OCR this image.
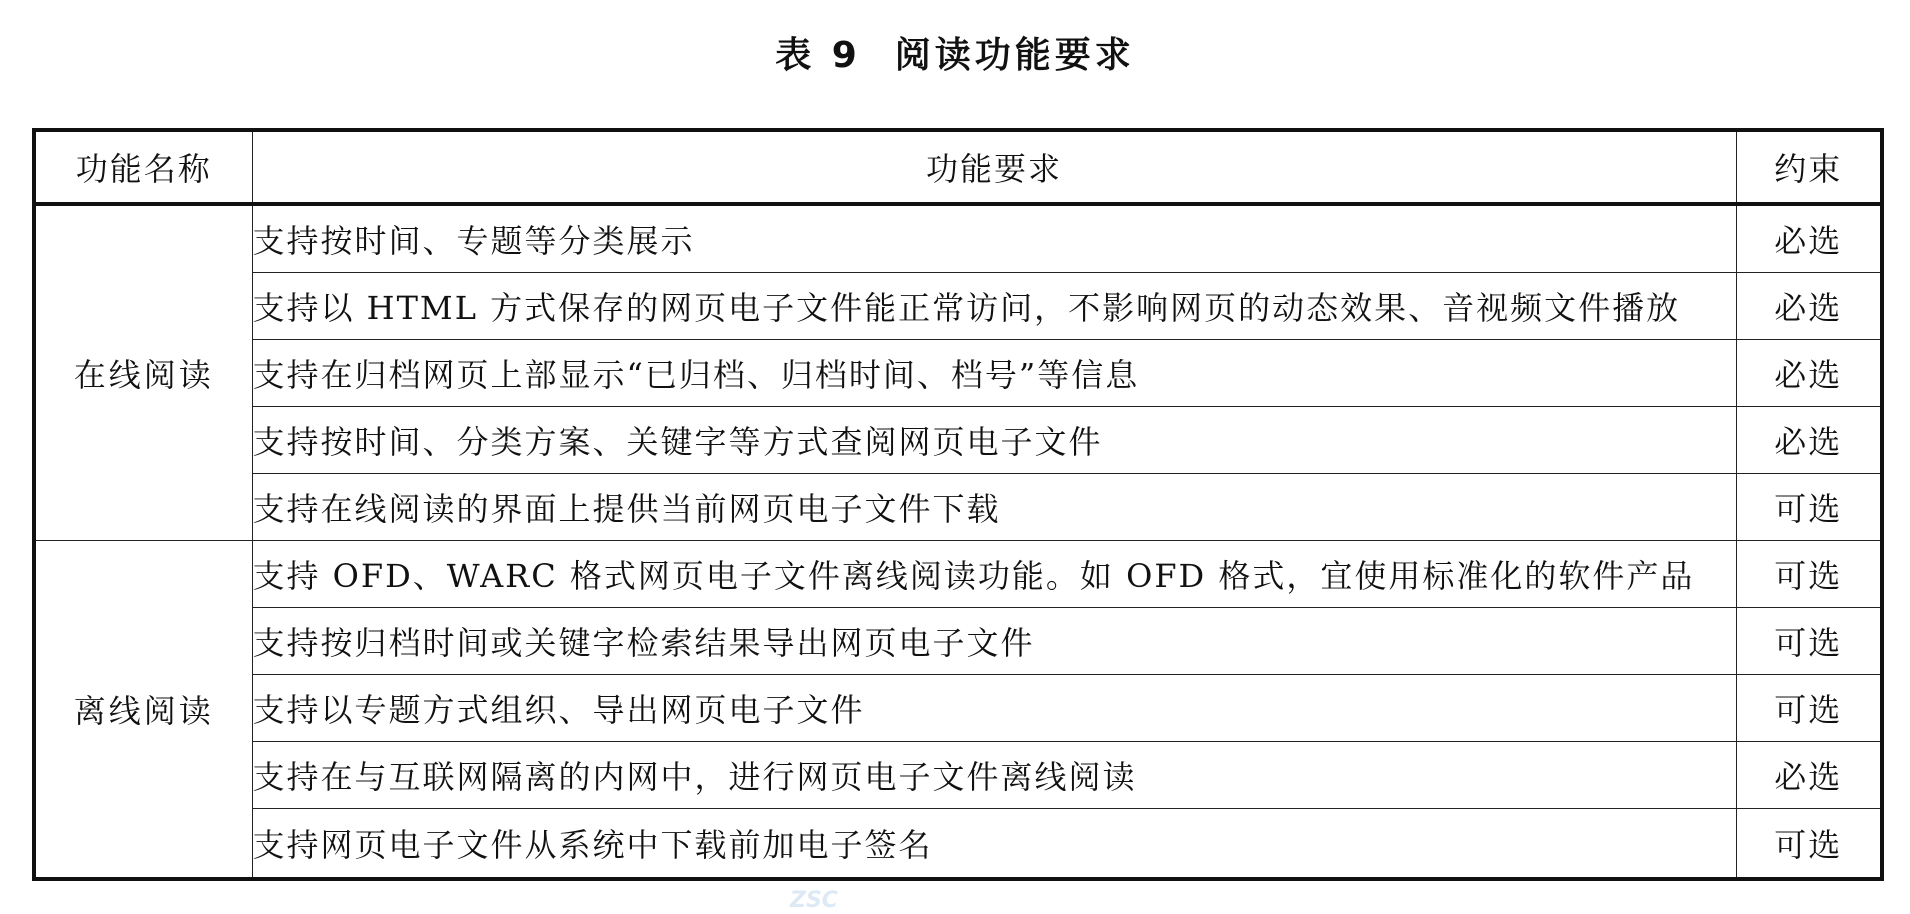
表 9 阅读功能要求
功能名称	功能要求	约束
在线阅读	支持按时间、专题等分类展示	必选
	支持以 HTML 方式保存的网页电子文件能正常访问，不影响网页的动态效果、音视频文件播放	必选
	支持在归档网页上部显示“已归档、归档时间、档号”等信息	必选
	支持按时间、分类方案、关键字等方式查阅网页电子文件	必选
	支持在线阅读的界面上提供当前网页电子文件下载	可选
离线阅读	支持 OFD、WARC 格式网页电子文件离线阅读功能。如 OFD 格式，宜使用标准化的软件产品	可选
	支持按归档时间或关键字检索结果导出网页电子文件	可选
	支持以专题方式组织、导出网页电子文件	可选
	支持在与互联网隔离的内网中，进行网页电子文件离线阅读	必选
	支持网页电子文件从系统中下载前加电子签名	可选
ZSC
